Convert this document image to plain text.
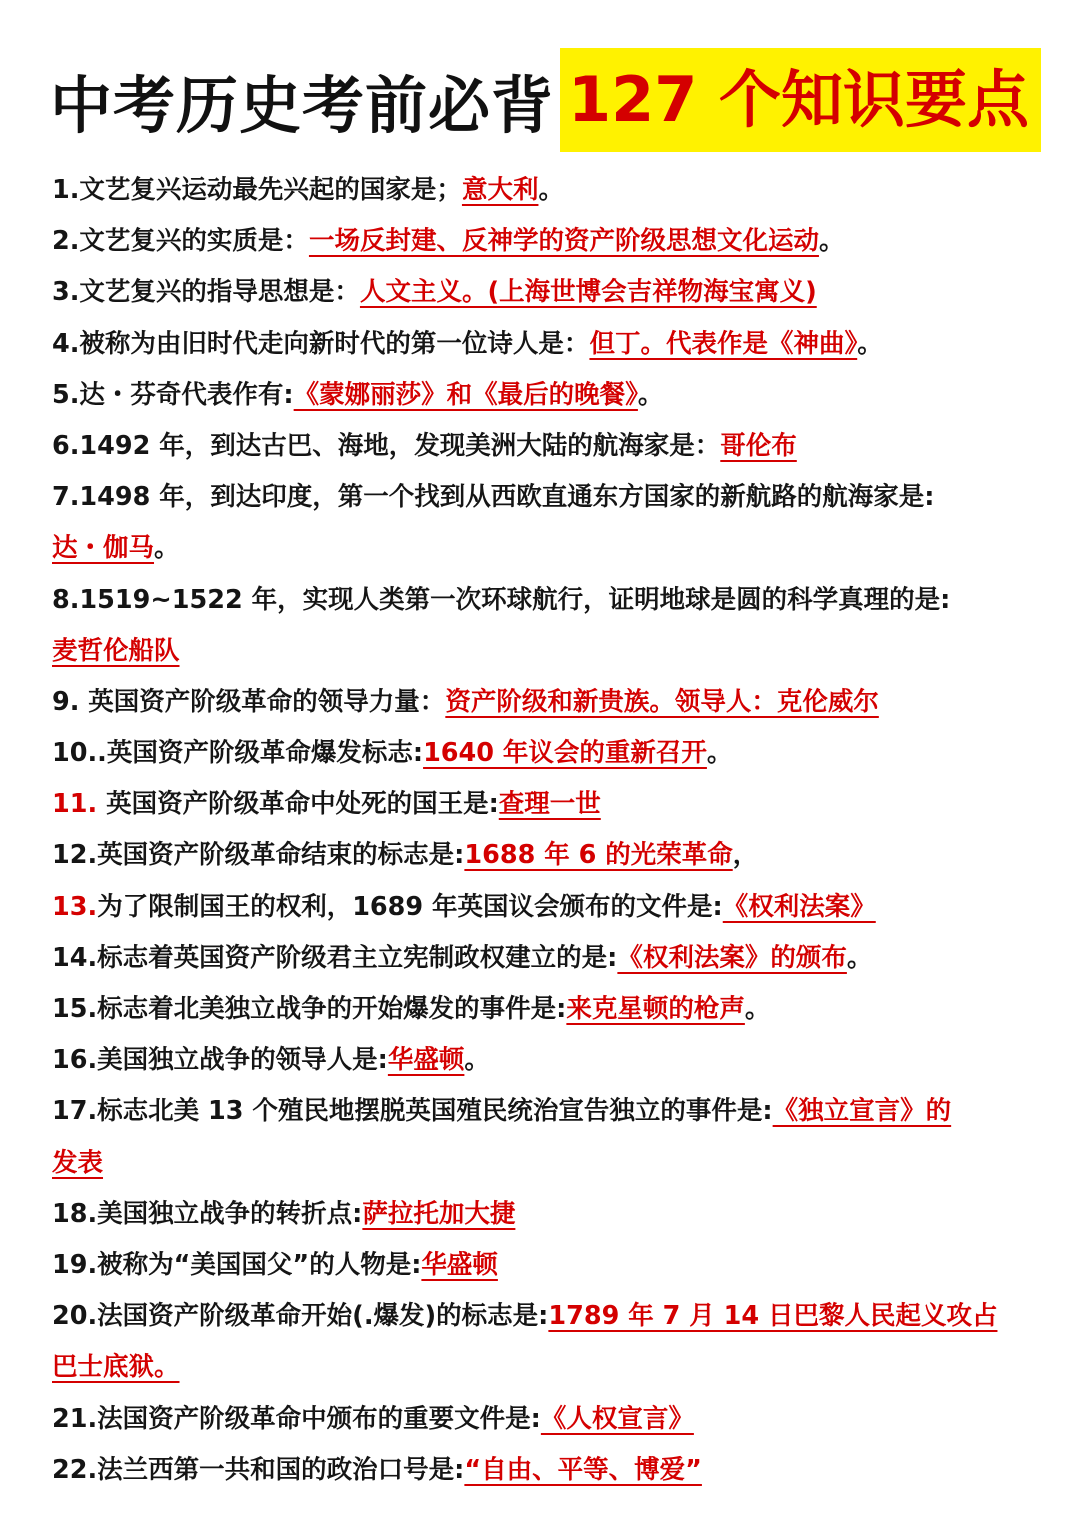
中考历史考前必背 127 个知识要点
1.文艺复兴运动最先兴起的国家是；意大利。
2.文艺复兴的实质是：一场反封建、反神学的资产阶级思想文化运动。
3.文艺复兴的指导思想是：人文主义。(上海世博会吉祥物海宝寓义)
4.被称为由旧时代走向新时代的第一位诗人是：但丁。代表作是《神曲》。
5.达・芬奇代表作有:《蒙娜丽莎》和《最后的晚餐》。
6.1492 年，到达古巴、海地，发现美洲大陆的航海家是：哥伦布
7.1498 年，到达印度，第一个找到从西欧直通东方国家的新航路的航海家是:
达・伽马。
8.1519~1522 年，实现人类第一次环球航行，证明地球是圆的科学真理的是:
麦哲伦船队
9. 英国资产阶级革命的领导力量：资产阶级和新贵族。领导人：克伦威尔
10..英国资产阶级革命爆发标志:1640 年议会的重新召开。
11. 英国资产阶级革命中处死的国王是:查理一世
12.英国资产阶级革命结束的标志是:1688 年 6 的光荣革命，
13.为了限制国王的权利，1689 年英国议会颁布的文件是:《权利法案》
14.标志着英国资产阶级君主立宪制政权建立的是:《权利法案》的颁布。
15.标志着北美独立战争的开始爆发的事件是:来克星顿的枪声。
16.美国独立战争的领导人是:华盛顿。
17.标志北美 13 个殖民地摆脱英国殖民统治宣告独立的事件是:《独立宣言》的
发表
18.美国独立战争的转折点:萨拉托加大捷
19.被称为“美国国父”的人物是:华盛顿
20.法国资产阶级革命开始(.爆发)的标志是:1789 年 7 月 14 日巴黎人民起义攻占
巴士底狱。
21.法国资产阶级革命中颁布的重要文件是:《人权宣言》
22.法兰西第一共和国的政治口号是:“自由、平等、博爱”
